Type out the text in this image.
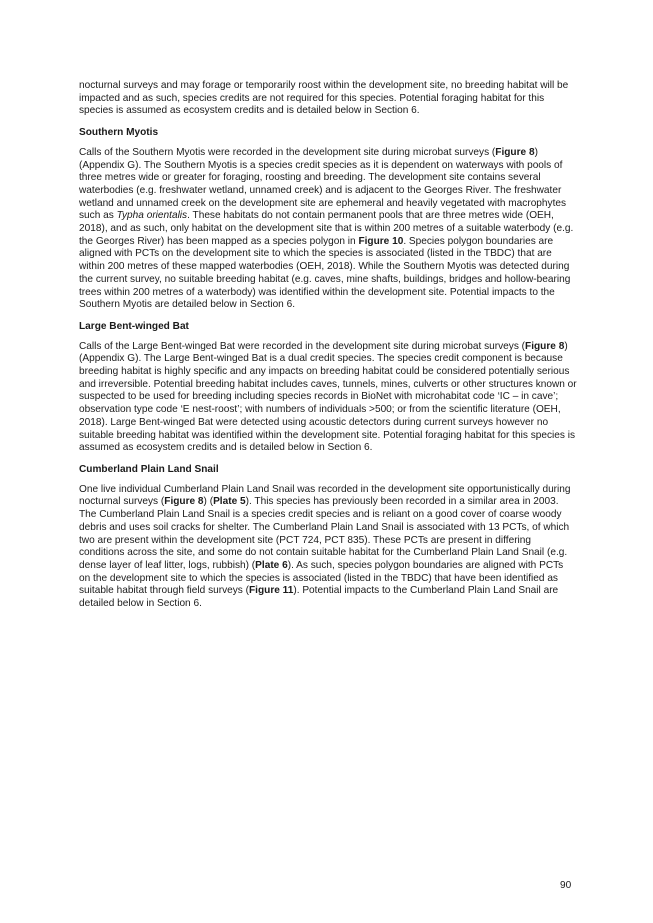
nocturnal surveys and may forage or temporarily roost within the development site, no breeding habitat will be impacted and as such, species credits are not required for this species. Potential foraging habitat for this species is assumed as ecosystem credits and is detailed below in Section 6.

Southern Myotis

Calls of the Southern Myotis were recorded in the development site during microbat surveys (Figure 8) (Appendix G). The Southern Myotis is a species credit species as it is dependent on waterways with pools of three metres wide or greater for foraging, roosting and breeding. The development site contains several waterbodies (e.g. freshwater wetland, unnamed creek) and is adjacent to the Georges River. The freshwater wetland and unnamed creek on the development site are ephemeral and heavily vegetated with macrophytes such as Typha orientalis. These habitats do not contain permanent pools that are three metres wide (OEH, 2018), and as such, only habitat on the development site that is within 200 metres of a suitable waterbody (e.g. the Georges River) has been mapped as a species polygon in Figure 10. Species polygon boundaries are aligned with PCTs on the development site to which the species is associated (listed in the TBDC) that are within 200 metres of these mapped waterbodies (OEH, 2018). While the Southern Myotis was detected during the current survey, no suitable breeding habitat (e.g. caves, mine shafts, buildings, bridges and hollow-bearing trees within 200 metres of a waterbody) was identified within the development site. Potential impacts to the Southern Myotis are detailed below in Section 6.

Large Bent-winged Bat

Calls of the Large Bent-winged Bat were recorded in the development site during microbat surveys (Figure 8) (Appendix G). The Large Bent-winged Bat is a dual credit species. The species credit component is because breeding habitat is highly specific and any impacts on breeding habitat could be considered potentially serious and irreversible. Potential breeding habitat includes caves, tunnels, mines, culverts or other structures known or suspected to be used for breeding including species records in BioNet with microhabitat code ‘IC – in cave’; observation type code ‘E nest-roost’; with numbers of individuals >500; or from the scientific literature (OEH, 2018). Large Bent-winged Bat were detected using acoustic detectors during current surveys however no suitable breeding habitat was identified within the development site. Potential foraging habitat for this species is assumed as ecosystem credits and is detailed below in Section 6.

Cumberland Plain Land Snail

One live individual Cumberland Plain Land Snail was recorded in the development site opportunistically during nocturnal surveys (Figure 8) (Plate 5). This species has previously been recorded in a similar area in 2003. The Cumberland Plain Land Snail is a species credit species and is reliant on a good cover of coarse woody debris and uses soil cracks for shelter. The Cumberland Plain Land Snail is associated with 13 PCTs, of which two are present within the development site (PCT 724, PCT 835). These PCTs are present in differing conditions across the site, and some do not contain suitable habitat for the Cumberland Plain Land Snail (e.g. dense layer of leaf litter, logs, rubbish) (Plate 6). As such, species polygon boundaries are aligned with PCTs on the development site to which the species is associated (listed in the TBDC) that have been identified as suitable habitat through field surveys (Figure 11). Potential impacts to the Cumberland Plain Land Snail are detailed below in Section 6.

90
